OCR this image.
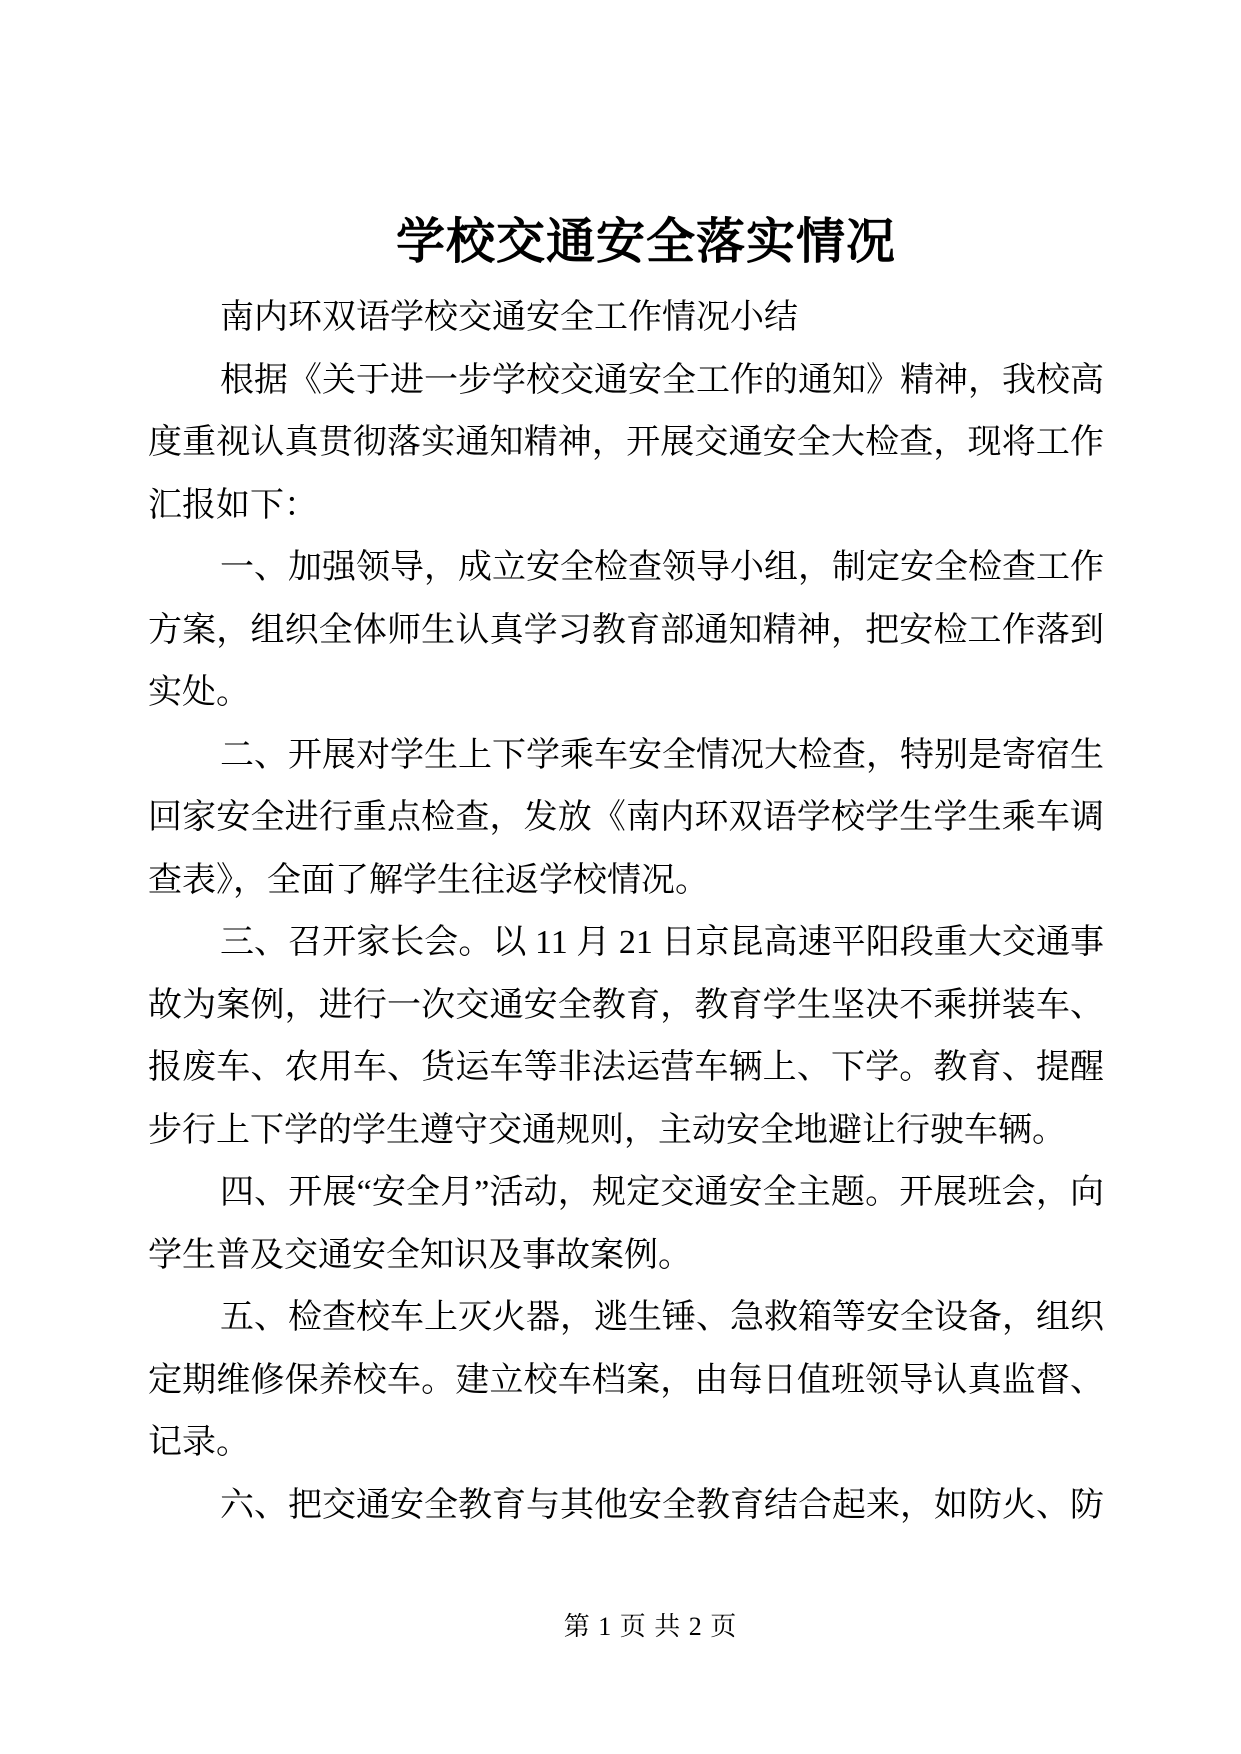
学校交通安全落实情况

南内环双语学校交通安全工作情况小结

根据《关于进一步学校交通安全工作的通知》精神，我校高度重视认真贯彻落实通知精神，开展交通安全大检查，现将工作汇报如下：

一、加强领导，成立安全检查领导小组，制定安全检查工作方案，组织全体师生认真学习教育部通知精神，把安检工作落到实处。

二、开展对学生上下学乘车安全情况大检查，特别是寄宿生回家安全进行重点检查，发放《南内环双语学校学生学生乘车调查表》，全面了解学生往返学校情况。

三、召开家长会。以 11 月 21 日京昆高速平阳段重大交通事故为案例，进行一次交通安全教育，教育学生坚决不乘拼装车、报废车、农用车、货运车等非法运营车辆上、下学。教育、提醒步行上下学的学生遵守交通规则，主动安全地避让行驶车辆。

四、开展“安全月”活动，规定交通安全主题。开展班会，向学生普及交通安全知识及事故案例。

五、检查校车上灭火器，逃生锤、急救箱等安全设备，组织定期维修保养校车。建立校车档案，由每日值班领导认真监督、记录。

六、把交通安全教育与其他安全教育结合起来，如防火、防

第 1 页 共 2 页
